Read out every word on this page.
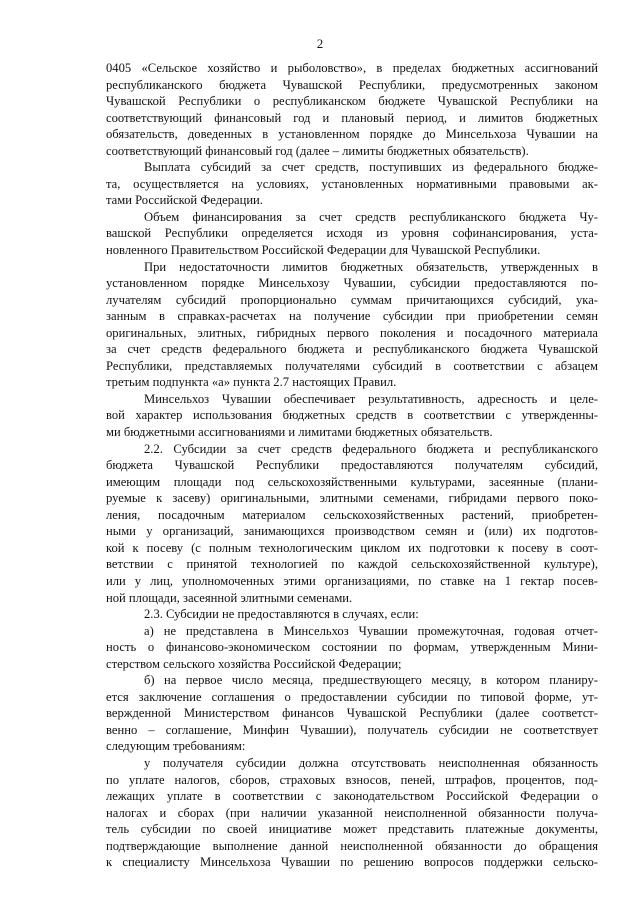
2
0405 «Сельское хозяйство и рыболовство», в пределах бюджетных ассигнований
республиканского бюджета Чувашской Республики, предусмотренных законом
Чувашской Республики о республиканском бюджете Чувашской Республики на
соответствующий финансовый год и плановый период, и лимитов бюджетных
обязательств, доведенных в установленном порядке до Минсельхоза Чувашии на
соответствующий финансовый год (далее – лимиты бюджетных обязательств).
Выплата субсидий за счет средств, поступивших из федерального бюдже-
та, осуществляется на условиях, установленных нормативными правовыми ак-
тами Российской Федерации.
Объем финансирования за счет средств республиканского бюджета Чу-
вашской Республики определяется исходя из уровня софинансирования, уста-
новленного Правительством Российской Федерации для Чувашской Республики.
При недостаточности лимитов бюджетных обязательств, утвержденных в
установленном порядке Минсельхозу Чувашии, субсидии предоставляются по-
лучателям субсидий пропорционально суммам причитающихся субсидий, ука-
занным в справках-расчетах на получение субсидии при приобретении семян
оригинальных, элитных, гибридных первого поколения и посадочного материала
за счет средств федерального бюджета и республиканского бюджета Чувашской
Республики, представляемых получателями субсидий в соответствии с абзацем
третьим подпункта «а» пункта 2.7 настоящих Правил.
Минсельхоз Чувашии обеспечивает результативность, адресность и целе-
вой характер использования бюджетных средств в соответствии с утвержденны-
ми бюджетными ассигнованиями и лимитами бюджетных обязательств.
2.2. Субсидии за счет средств федерального бюджета и республиканского
бюджета Чувашской Республики предоставляются получателям субсидий,
имеющим площади под сельскохозяйственными культурами, засеянные (плани-
руемые к засеву) оригинальными, элитными семенами, гибридами первого поко-
ления, посадочным материалом сельскохозяйственных растений, приобретен-
ными у организаций, занимающихся производством семян и (или) их подготов-
кой к посеву (с полным технологическим циклом их подготовки к посеву в соот-
ветствии с принятой технологией по каждой сельскохозяйственной культуре),
или у лиц, уполномоченных этими организациями, по ставке на 1 гектар посев-
ной площади, засеянной элитными семенами.
2.3. Субсидии не предоставляются в случаях, если:
а) не представлена в Минсельхоз Чувашии промежуточная, годовая отчет-
ность о финансово-экономическом состоянии по формам, утвержденным Мини-
стерством сельского хозяйства Российской Федерации;
б) на первое число месяца, предшествующего месяцу, в котором планиру-
ется заключение соглашения о предоставлении субсидии по типовой форме, ут-
вержденной Министерством финансов Чувашской Республики (далее соответст-
венно – соглашение, Минфин Чувашии), получатель субсидии не соответствует
следующим требованиям:
у получателя субсидии должна отсутствовать неисполненная обязанность
по уплате налогов, сборов, страховых взносов, пеней, штрафов, процентов, под-
лежащих уплате в соответствии с законодательством Российской Федерации о
налогах и сборах (при наличии указанной неисполненной обязанности получа-
тель субсидии по своей инициативе может представить платежные документы,
подтверждающие выполнение данной неисполненной обязанности до обращения
к специалисту Минсельхоза Чувашии по решению вопросов поддержки сельско-
